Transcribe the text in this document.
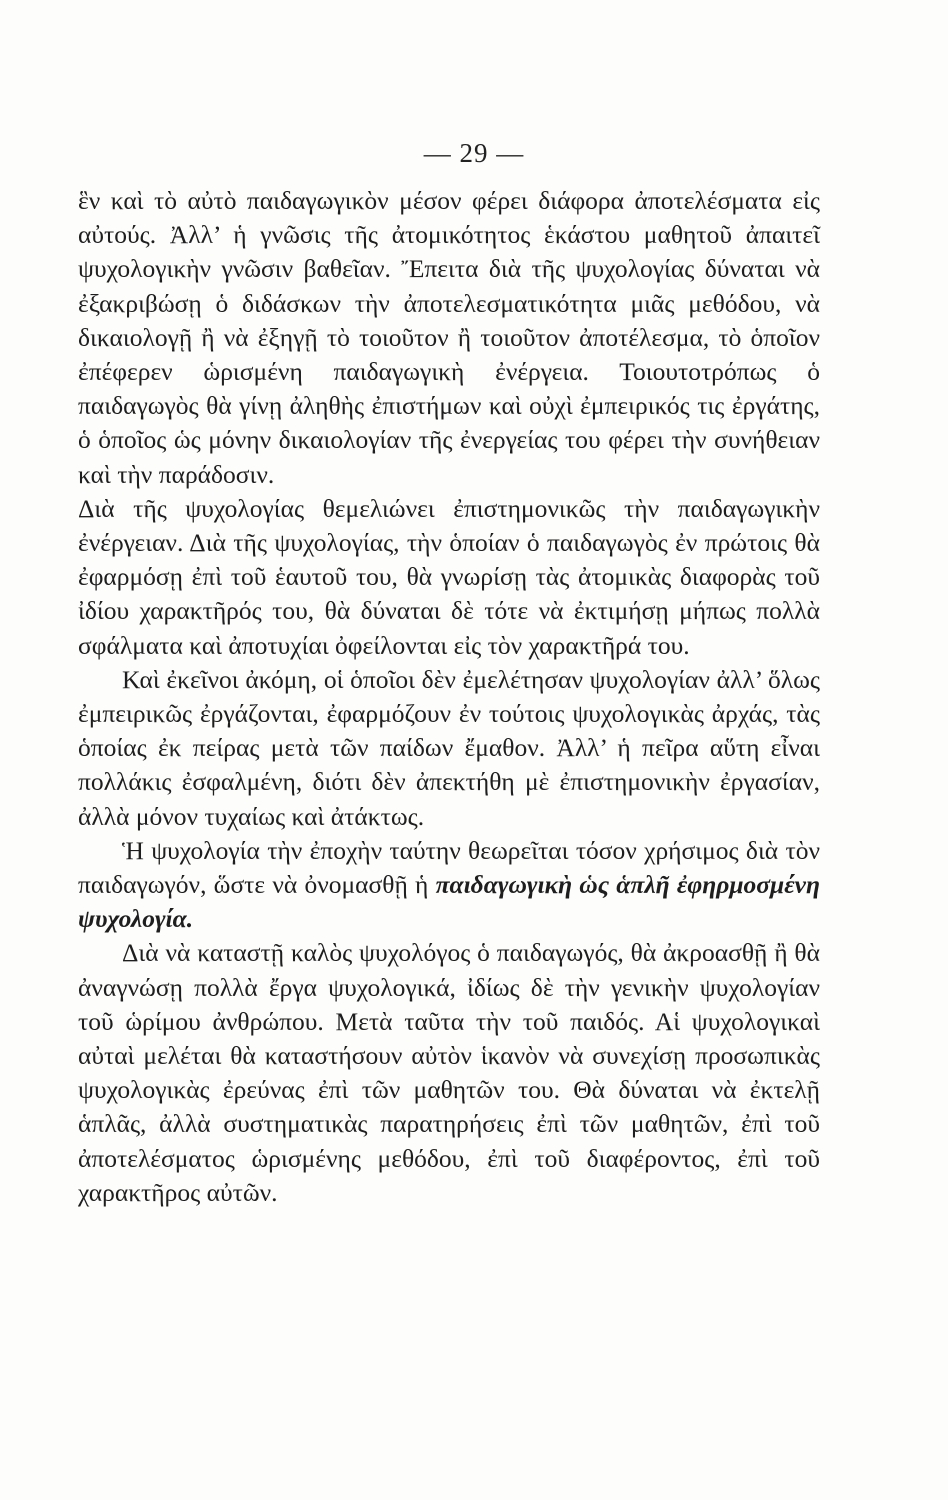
— 29 —

ἓν καὶ τὸ αὐτὸ παιδαγωγικὸν μέσον φέρει διάφορα ἀποτελέσματα εἰς αὐτούς. Ἀλλ’ ἡ γνῶσις τῆς ἀτομικότητος ἑκάστου μαθητοῦ ἀπαιτεῖ ψυχολογικὴν γνῶσιν βαθεῖαν. Ἔπειτα διὰ τῆς ψυχολογίας δύναται νὰ ἐξακριβώσῃ ὁ διδάσκων τὴν ἀποτελεσματικότητα μιᾶς μεθόδου, νὰ δικαιολογῇ ἢ νὰ ἐξηγῇ τὸ τοιοῦτον ἢ τοιοῦτον ἀποτέλεσμα, τὸ ὁποῖον ἐπέφερεν ὡρισμένη παιδαγωγικὴ ἐνέργεια. Τοιουτοτρόπως ὁ παιδαγωγὸς θὰ γίνῃ ἀληθὴς ἐπιστήμων καὶ οὐχὶ ἐμπειρικός τις ἐργάτης, ὁ ὁποῖος ὡς μόνην δικαιολογίαν τῆς ἐνεργείας του φέρει τὴν συνήθειαν καὶ τὴν παράδοσιν.

Διὰ τῆς ψυχολογίας θεμελιώνει ἐπιστημονικῶς τὴν παιδαγωγικὴν ἐνέργειαν. Διὰ τῆς ψυχολογίας, τὴν ὁποίαν ὁ παιδαγωγὸς ἐν πρώτοις θὰ ἐφαρμόσῃ ἐπὶ τοῦ ἑαυτοῦ του, θὰ γνωρίσῃ τὰς ἀτομικὰς διαφορὰς τοῦ ἰδίου χαρακτῆρός του, θὰ δύναται δὲ τότε νὰ ἐκτιμήσῃ μήπως πολλὰ σφάλματα καὶ ἀποτυχίαι ὀφείλονται εἰς τὸν χαρακτῆρά του.

Καὶ ἐκεῖνοι ἀκόμη, οἱ ὁποῖοι δὲν ἐμελέτησαν ψυχολογίαν ἀλλ’ ὅλως ἐμπειρικῶς ἐργάζονται, ἐφαρμόζουν ἐν τούτοις ψυχολογικὰς ἀρχάς, τὰς ὁποίας ἐκ πείρας μετὰ τῶν παίδων ἔμαθον. Ἀλλ’ ἡ πεῖρα αὕτη εἶναι πολλάκις ἐσφαλμένη, διότι δὲν ἀπεκτήθη μὲ ἐπιστημονικὴν ἐργασίαν, ἀλλὰ μόνον τυχαίως καὶ ἀτάκτως.

Ἡ ψυχολογία τὴν ἐποχὴν ταύτην θεωρεῖται τόσον χρήσιμος διὰ τὸν παιδαγωγόν, ὥστε νὰ ὀνομασθῇ ἡ παιδαγωγικὴ ὡς ἁπλῆ ἐφηρμοσμένη ψυχολογία.

Διὰ νὰ καταστῇ καλὸς ψυχολόγος ὁ παιδαγωγός, θὰ ἀκροασθῇ ἢ θὰ ἀναγνώσῃ πολλὰ ἔργα ψυχολογικά, ἰδίως δὲ τὴν γενικὴν ψυχολογίαν τοῦ ὡρίμου ἀνθρώπου. Μετὰ ταῦτα τὴν τοῦ παιδός. Αἱ ψυχολογικαὶ αὐταὶ μελέται θὰ καταστήσουν αὐτὸν ἱκανὸν νὰ συνεχίσῃ προσωπικὰς ψυχολογικὰς ἐρεύνας ἐπὶ τῶν μαθητῶν του. Θὰ δύναται νὰ ἐκτελῇ ἁπλᾶς, ἀλλὰ συστηματικὰς παρατηρήσεις ἐπὶ τῶν μαθητῶν, ἐπὶ τοῦ ἀποτελέσματος ὡρισμένης μεθόδου, ἐπὶ τοῦ διαφέροντος, ἐπὶ τοῦ χαρακτῆρος αὐτῶν.
